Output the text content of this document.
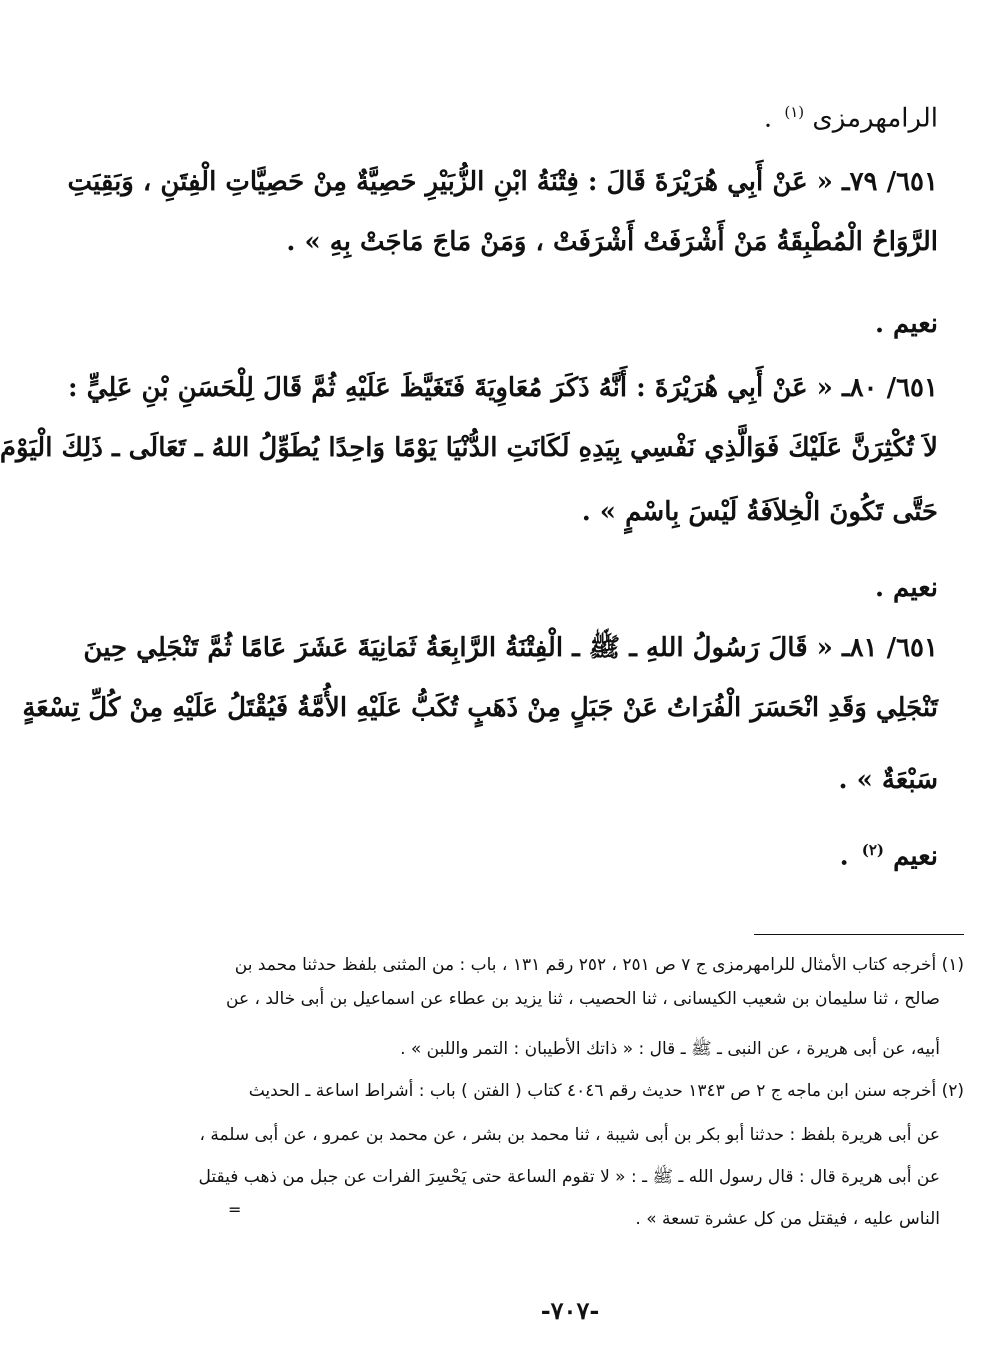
الرامهرمزى $^{(١)}$ .
٦٥١/ ٧٩ـ « عَنْ أَبِي هُرَيْرَةَ قَالَ : فِتْنَةُ ابْنِ الزُّبَيْرِ حَصِيَّةٌ مِنْ حَصِيَّاتِ الْفِتَنِ ، وَبَقِيَتِ
الرَّوَاحُ الْمُطْبِقَةُ مَنْ أَشْرَفَتْ أَشْرَفَتْ ، وَمَنْ مَاجَ مَاجَتْ بِهِ » .
نعيم .
٦٥١/ ٨٠ـ « عَنْ أَبِي هُرَيْرَةَ : أَنَّهُ ذَكَرَ مُعَاوِيَةَ فَتَغَيَّظَ عَلَيْهِ ثُمَّ قَالَ لِلْحَسَنِ بْنِ عَلِيٍّ :
لاَ تُكْثِرَنَّ عَلَيْكَ فَوَالَّذِي نَفْسِي بِيَدِهِ لَكَانَتِ الدُّنْيَا يَوْمًا وَاحِدًا يُطَوِّلُ اللهُ ـ تَعَالَى ـ ذَلِكَ الْيَوْمَ
حَتَّى تَكُونَ الْخِلاَفَةُ لَيْسَ بِاسْمٍ » .
نعيم .
٦٥١/ ٨١ـ « قَالَ رَسُولُ اللهِ ـ ﷺ ـ الْفِتْنَةُ الرَّابِعَةُ ثَمَانِيَةَ عَشَرَ عَامًا ثُمَّ تَنْجَلِي حِينَ
تَنْجَلِي وَقَدِ انْحَسَرَ الْفُرَاتُ عَنْ جَبَلٍ مِنْ ذَهَبٍ تُكَبُّ عَلَيْهِ الأُمَّةُ فَيُقْتَلُ عَلَيْهِ مِنْ كُلِّ تِسْعَةٍ
سَبْعَةٌ » .
نعيم $^{(٢)}$ .
(١) أخرجه كتاب الأمثال للرامهرمزى ج ٧ ص ٢٥١ ، ٢٥٢ رقم ١٣١ ، باب : من المثنى بلفظ حدثنا محمد بن
صالح ، ثنا سليمان بن شعيب الكيسانى ، ثنا الحصيب ، ثنا يزيد بن عطاء عن اسماعيل بن أبى خالد ، عن
أبيه، عن أبى هريرة ، عن النبى ـ ﷺ ـ قال : « ذاتك الأطيبان : التمر واللبن » .
(٢) أخرجه سنن ابن ماجه ج ٢ ص ١٣٤٣ حديث رقم ٤٠٤٦ كتاب ( الفتن ) باب : أشراط اساعة ـ الحديث
عن أبى هريرة بلفظ : حدثنا أبو بكر بن أبى شيبة ، ثنا محمد بن بشر ، عن محمد بن عمرو ، عن أبى سلمة ،
عن أبى هريرة قال : قال رسول الله ـ ﷺ ـ : « لا تقوم الساعة حتى يَحْسِرَ الفرات عن جبل من ذهب فيقتل
الناس عليه ، فيقتل من كل عشرة تسعة » .
=
-٧٠٧-
